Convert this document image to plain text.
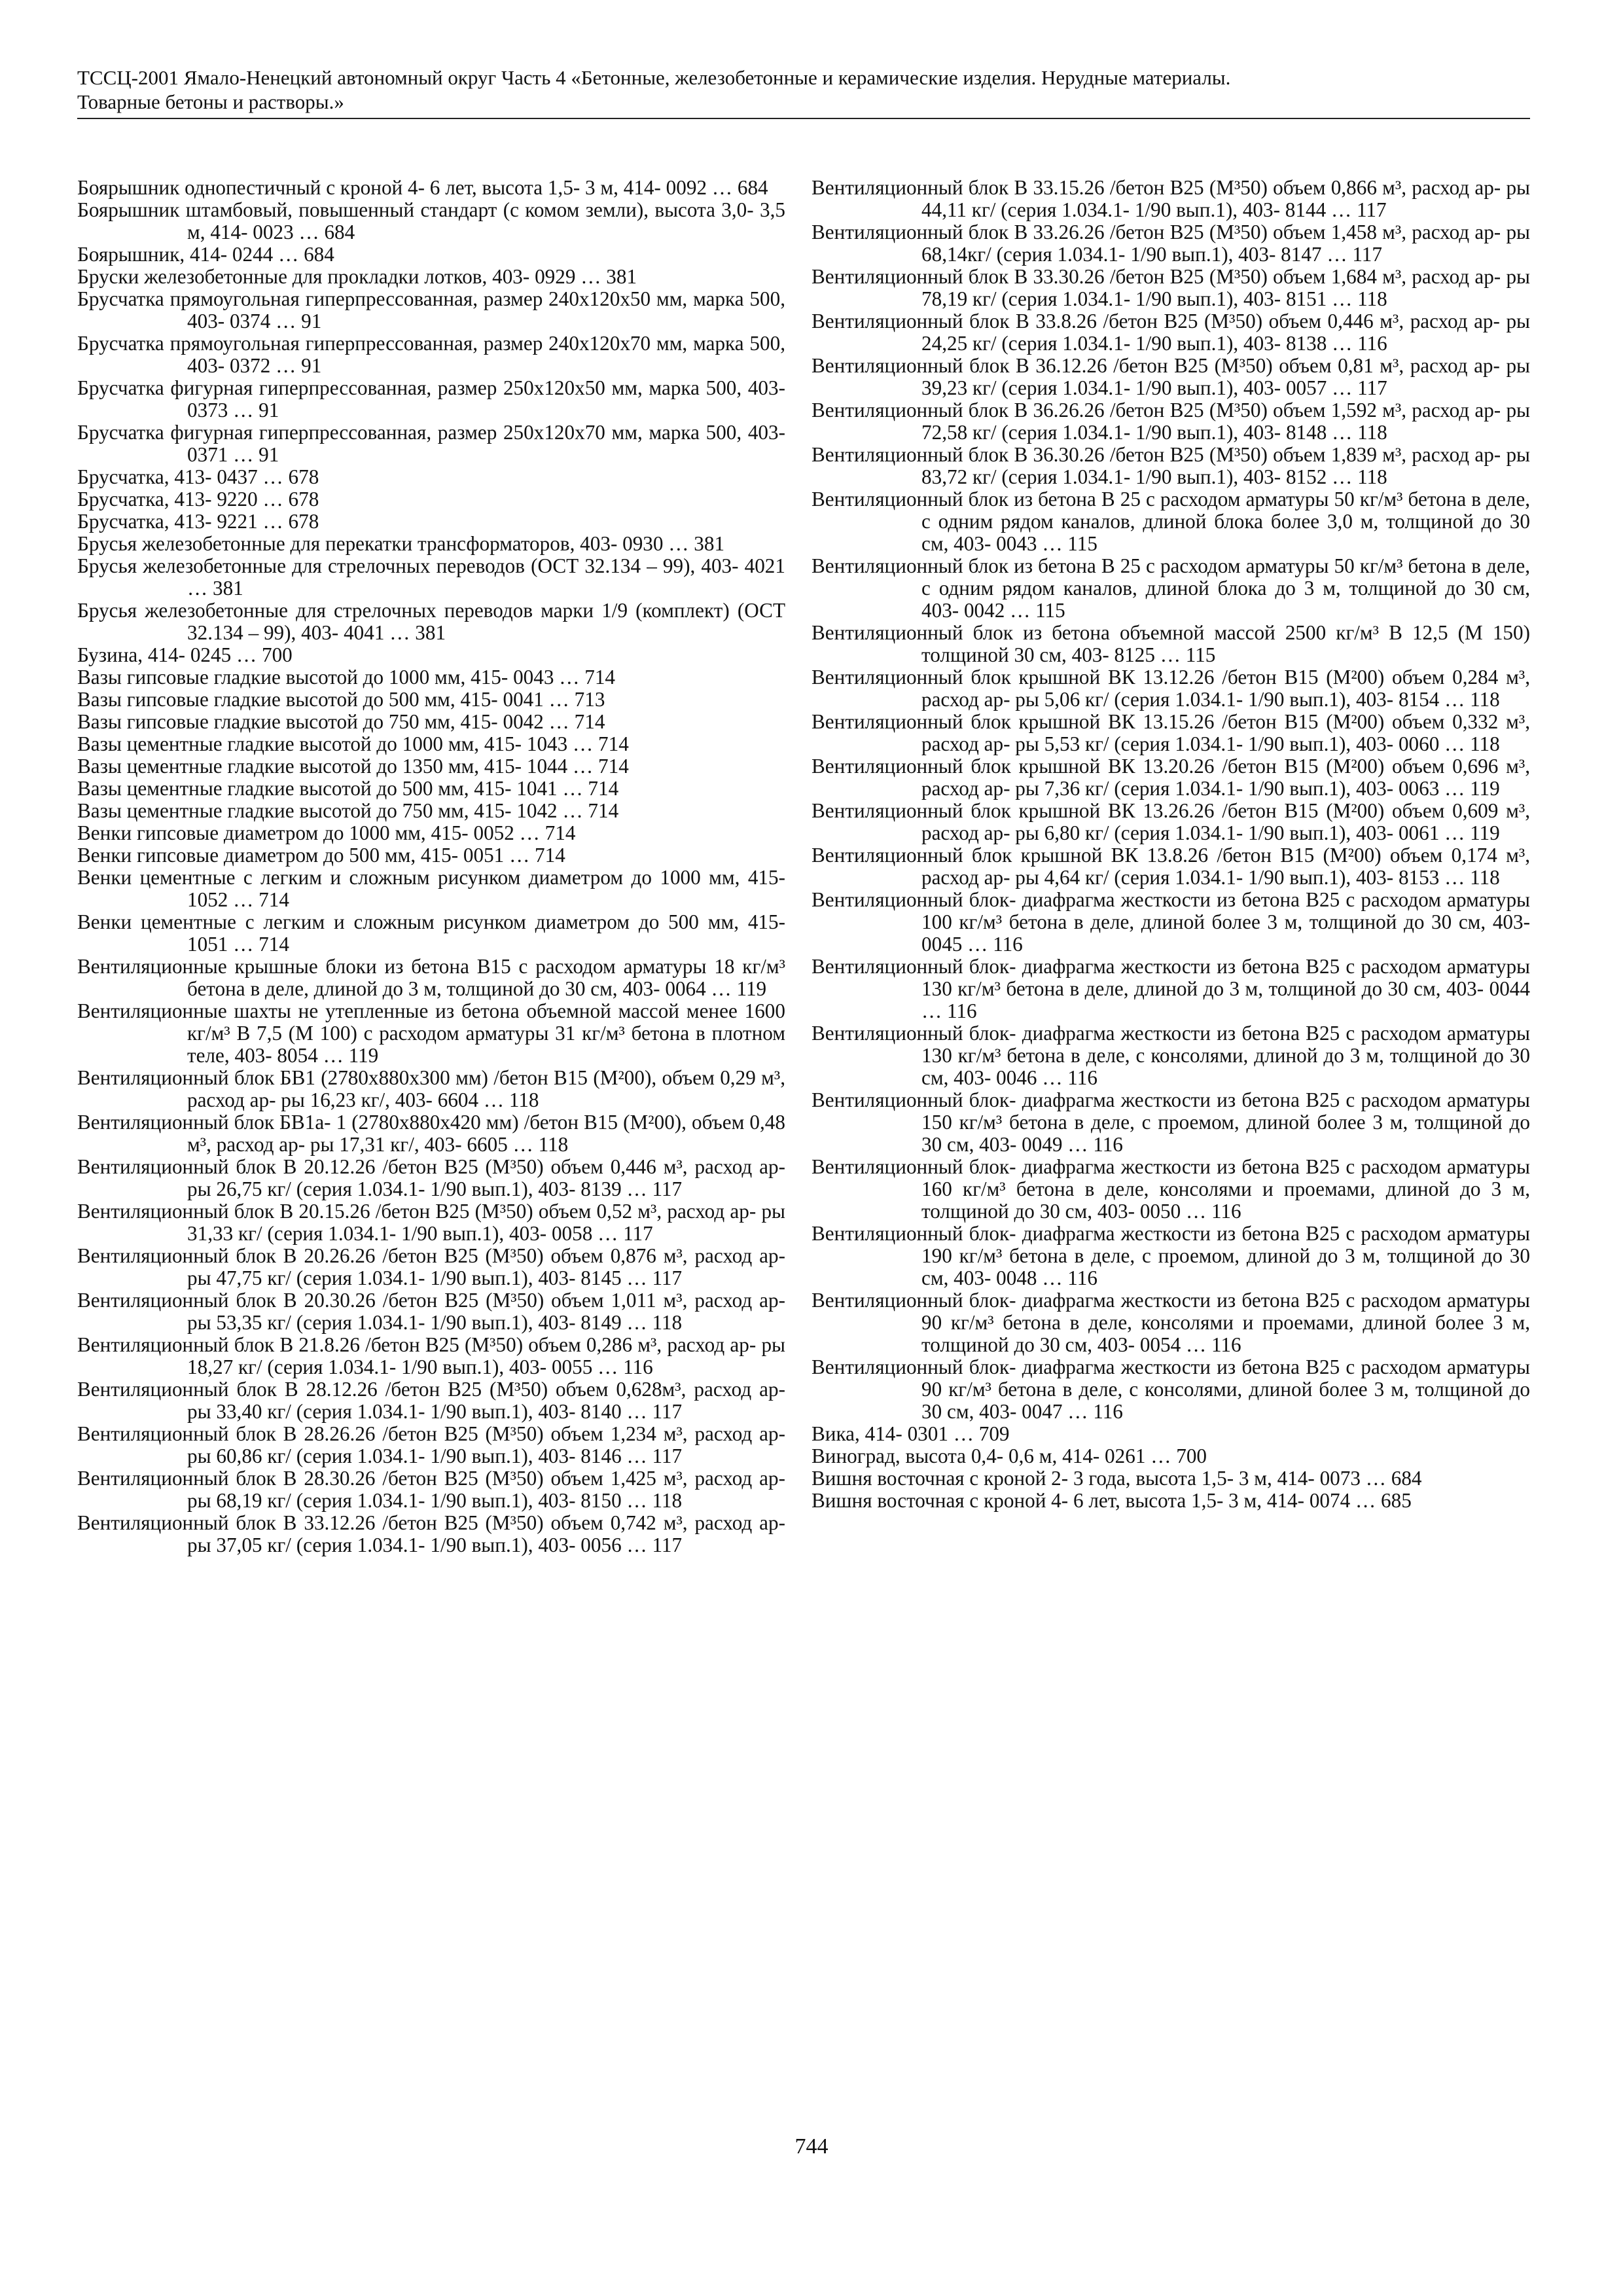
ТССЦ-2001 Ямало-Ненецкий автономный округ Часть 4 «Бетонные, железобетонные и керамические изделия. Нерудные материалы.
Товарные бетоны и растворы.»

Боярышник однопестичный с кроной 4- 6 лет, высота 1,5- 3 м, 414- 0092 … 684

Боярышник штамбовый, повышенный стандарт (с комом земли), высота 3,0- 3,5 м, 414- 0023 … 684

Боярышник, 414- 0244 … 684

Бруски железобетонные для прокладки лотков, 403- 0929 … 381

Брусчатка прямоугольная гиперпрессованная, размер 240х120х50 мм, марка 500, 403- 0374 … 91

Брусчатка прямоугольная гиперпрессованная, размер 240х120х70 мм, марка 500, 403- 0372 … 91

Брусчатка фигурная гиперпрессованная, размер 250х120х50 мм, марка 500, 403- 0373 … 91

Брусчатка фигурная гиперпрессованная, размер 250х120х70 мм, марка 500, 403- 0371 … 91

Брусчатка, 413- 0437 … 678

Брусчатка, 413- 9220 … 678

Брусчатка, 413- 9221 … 678

Брусья железобетонные для перекатки трансформаторов, 403- 0930 … 381

Брусья железобетонные для стрелочных переводов (ОСТ 32.134 – 99), 403- 4021 … 381

Брусья железобетонные для стрелочных переводов марки 1/9 (комплект) (ОСТ 32.134 – 99), 403- 4041 … 381

Бузина, 414- 0245 … 700

Вазы гипсовые гладкие высотой до 1000 мм, 415- 0043 … 714

Вазы гипсовые гладкие высотой до 500 мм, 415- 0041 … 713

Вазы гипсовые гладкие высотой до 750 мм, 415- 0042 … 714

Вазы цементные гладкие высотой до 1000 мм, 415- 1043 … 714

Вазы цементные гладкие высотой до 1350 мм, 415- 1044 … 714

Вазы цементные гладкие высотой до 500 мм, 415- 1041 … 714

Вазы цементные гладкие высотой до 750 мм, 415- 1042 … 714

Венки гипсовые диаметром до 1000 мм, 415- 0052 … 714

Венки гипсовые диаметром до 500 мм, 415- 0051 … 714

Венки цементные с легким и сложным рисунком диаметром до 1000 мм, 415- 1052 … 714

Венки цементные с легким и сложным рисунком диаметром до 500 мм, 415- 1051 … 714

Вентиляционные крышные блоки из бетона В15 с расходом арматуры 18 кг/м³ бетона в деле, длиной до 3 м, толщиной до 30 см, 403- 0064 … 119

Вентиляционные шахты не утепленные из бетона объемной массой менее 1600 кг/м³ В 7,5 (М 100) с расходом арматуры 31 кг/м³ бетона в плотном теле, 403- 8054 … 119

Вентиляционный блок БВ1 (2780х880х300 мм) /бетон В15 (М²00), объем 0,29 м³, расход ар- ры 16,23 кг/, 403- 6604 … 118

Вентиляционный блок БВ1а- 1 (2780х880х420 мм) /бетон В15 (М²00), объем 0,48 м³, расход ар- ры 17,31 кг/, 403- 6605 … 118

Вентиляционный блок В 20.12.26 /бетон В25 (М³50) объем 0,446 м³, расход ар- ры 26,75 кг/ (серия 1.034.1- 1/90 вып.1), 403- 8139 … 117

Вентиляционный блок В 20.15.26 /бетон В25 (М³50) объем 0,52 м³, расход ар- ры 31,33 кг/ (серия 1.034.1- 1/90 вып.1), 403- 0058 … 117

Вентиляционный блок В 20.26.26 /бетон В25 (М³50) объем 0,876 м³, расход ар- ры 47,75 кг/ (серия 1.034.1- 1/90 вып.1), 403- 8145 … 117

Вентиляционный блок В 20.30.26 /бетон В25 (М³50) объем 1,011 м³, расход ар- ры 53,35 кг/ (серия 1.034.1- 1/90 вып.1), 403- 8149 … 118

Вентиляционный блок В 21.8.26 /бетон В25 (М³50) объем 0,286 м³, расход ар- ры 18,27 кг/ (серия 1.034.1- 1/90 вып.1), 403- 0055 … 116

Вентиляционный блок В 28.12.26 /бетон В25 (М³50) объем 0,628м³, расход ар- ры 33,40 кг/ (серия 1.034.1- 1/90 вып.1), 403- 8140 … 117

Вентиляционный блок В 28.26.26 /бетон В25 (М³50) объем 1,234 м³, расход ар- ры 60,86 кг/ (серия 1.034.1- 1/90 вып.1), 403- 8146 … 117

Вентиляционный блок В 28.30.26 /бетон В25 (М³50) объем 1,425 м³, расход ар- ры 68,19 кг/ (серия 1.034.1- 1/90 вып.1), 403- 8150 … 118

Вентиляционный блок В 33.12.26 /бетон В25 (М³50) объем 0,742 м³, расход ар- ры 37,05 кг/ (серия 1.034.1- 1/90 вып.1), 403- 0056 … 117

Вентиляционный блок В 33.15.26 /бетон В25 (М³50) объем 0,866 м³, расход ар- ры 44,11 кг/ (серия 1.034.1- 1/90 вып.1), 403- 8144 … 117

Вентиляционный блок В 33.26.26 /бетон В25 (М³50) объем 1,458 м³, расход ар- ры 68,14кг/ (серия 1.034.1- 1/90 вып.1), 403- 8147 … 117

Вентиляционный блок В 33.30.26 /бетон В25 (М³50) объем 1,684 м³, расход ар- ры 78,19 кг/ (серия 1.034.1- 1/90 вып.1), 403- 8151 … 118

Вентиляционный блок В 33.8.26 /бетон В25 (М³50) объем 0,446 м³, расход ар- ры 24,25 кг/ (серия 1.034.1- 1/90 вып.1), 403- 8138 … 116

Вентиляционный блок В 36.12.26 /бетон В25 (М³50) объем 0,81 м³, расход ар- ры 39,23 кг/ (серия 1.034.1- 1/90 вып.1), 403- 0057 … 117

Вентиляционный блок В 36.26.26 /бетон В25 (М³50) объем 1,592 м³, расход ар- ры 72,58 кг/ (серия 1.034.1- 1/90 вып.1), 403- 8148 … 118

Вентиляционный блок В 36.30.26 /бетон В25 (М³50) объем 1,839 м³, расход ар- ры 83,72 кг/ (серия 1.034.1- 1/90 вып.1), 403- 8152 … 118

Вентиляционный блок из бетона В 25 с расходом арматуры 50 кг/м³ бетона в деле, с одним рядом каналов, длиной блока более 3,0 м, толщиной до 30 см, 403- 0043 … 115

Вентиляционный блок из бетона В 25 с расходом арматуры 50 кг/м³ бетона в деле, с одним рядом каналов, длиной блока до 3 м, толщиной до 30 см, 403- 0042 … 115

Вентиляционный блок из бетона объемной массой 2500 кг/м³ В 12,5 (М 150) толщиной 30 см, 403- 8125 … 115

Вентиляционный блок крышной ВК 13.12.26 /бетон В15 (М²00) объем 0,284 м³, расход ар- ры 5,06 кг/ (серия 1.034.1- 1/90 вып.1), 403- 8154 … 118

Вентиляционный блок крышной ВК 13.15.26 /бетон В15 (М²00) объем 0,332 м³, расход ар- ры 5,53 кг/ (серия 1.034.1- 1/90 вып.1), 403- 0060 … 118

Вентиляционный блок крышной ВК 13.20.26 /бетон В15 (М²00) объем 0,696 м³, расход ар- ры 7,36 кг/ (серия 1.034.1- 1/90 вып.1), 403- 0063 … 119

Вентиляционный блок крышной ВК 13.26.26 /бетон В15 (М²00) объем 0,609 м³, расход ар- ры 6,80 кг/ (серия 1.034.1- 1/90 вып.1), 403- 0061 … 119

Вентиляционный блок крышной ВК 13.8.26 /бетон В15 (М²00) объем 0,174 м³, расход ар- ры 4,64 кг/ (серия 1.034.1- 1/90 вып.1), 403- 8153 … 118

Вентиляционный блок- диафрагма жесткости из бетона В25 с расходом арматуры 100 кг/м³ бетона в деле, длиной более 3 м, толщиной до 30 см, 403- 0045 … 116

Вентиляционный блок- диафрагма жесткости из бетона В25 с расходом арматуры 130 кг/м³ бетона в деле, длиной до 3 м, толщиной до 30 см, 403- 0044 … 116

Вентиляционный блок- диафрагма жесткости из бетона В25 с расходом арматуры 130 кг/м³ бетона в деле, с консолями, длиной до 3 м, толщиной до 30 см, 403- 0046 … 116

Вентиляционный блок- диафрагма жесткости из бетона В25 с расходом арматуры 150 кг/м³ бетона в деле, с проемом, длиной более 3 м, толщиной до 30 см, 403- 0049 … 116

Вентиляционный блок- диафрагма жесткости из бетона В25 с расходом арматуры 160 кг/м³ бетона в деле, консолями и проемами, длиной до 3 м, толщиной до 30 см, 403- 0050 … 116

Вентиляционный блок- диафрагма жесткости из бетона В25 с расходом арматуры 190 кг/м³ бетона в деле, с проемом, длиной до 3 м, толщиной до 30 см, 403- 0048 … 116

Вентиляционный блок- диафрагма жесткости из бетона В25 с расходом арматуры 90 кг/м³ бетона в деле, консолями и проемами, длиной более 3 м, толщиной до 30 см, 403- 0054 … 116

Вентиляционный блок- диафрагма жесткости из бетона В25 с расходом арматуры 90 кг/м³ бетона в деле, с консолями, длиной более 3 м, толщиной до 30 см, 403- 0047 … 116

Вика, 414- 0301 … 709

Виноград, высота 0,4- 0,6 м, 414- 0261 … 700

Вишня восточная с кроной 2- 3 года, высота 1,5- 3 м, 414- 0073 … 684

Вишня восточная с кроной 4- 6 лет, высота 1,5- 3 м, 414- 0074 … 685

744
